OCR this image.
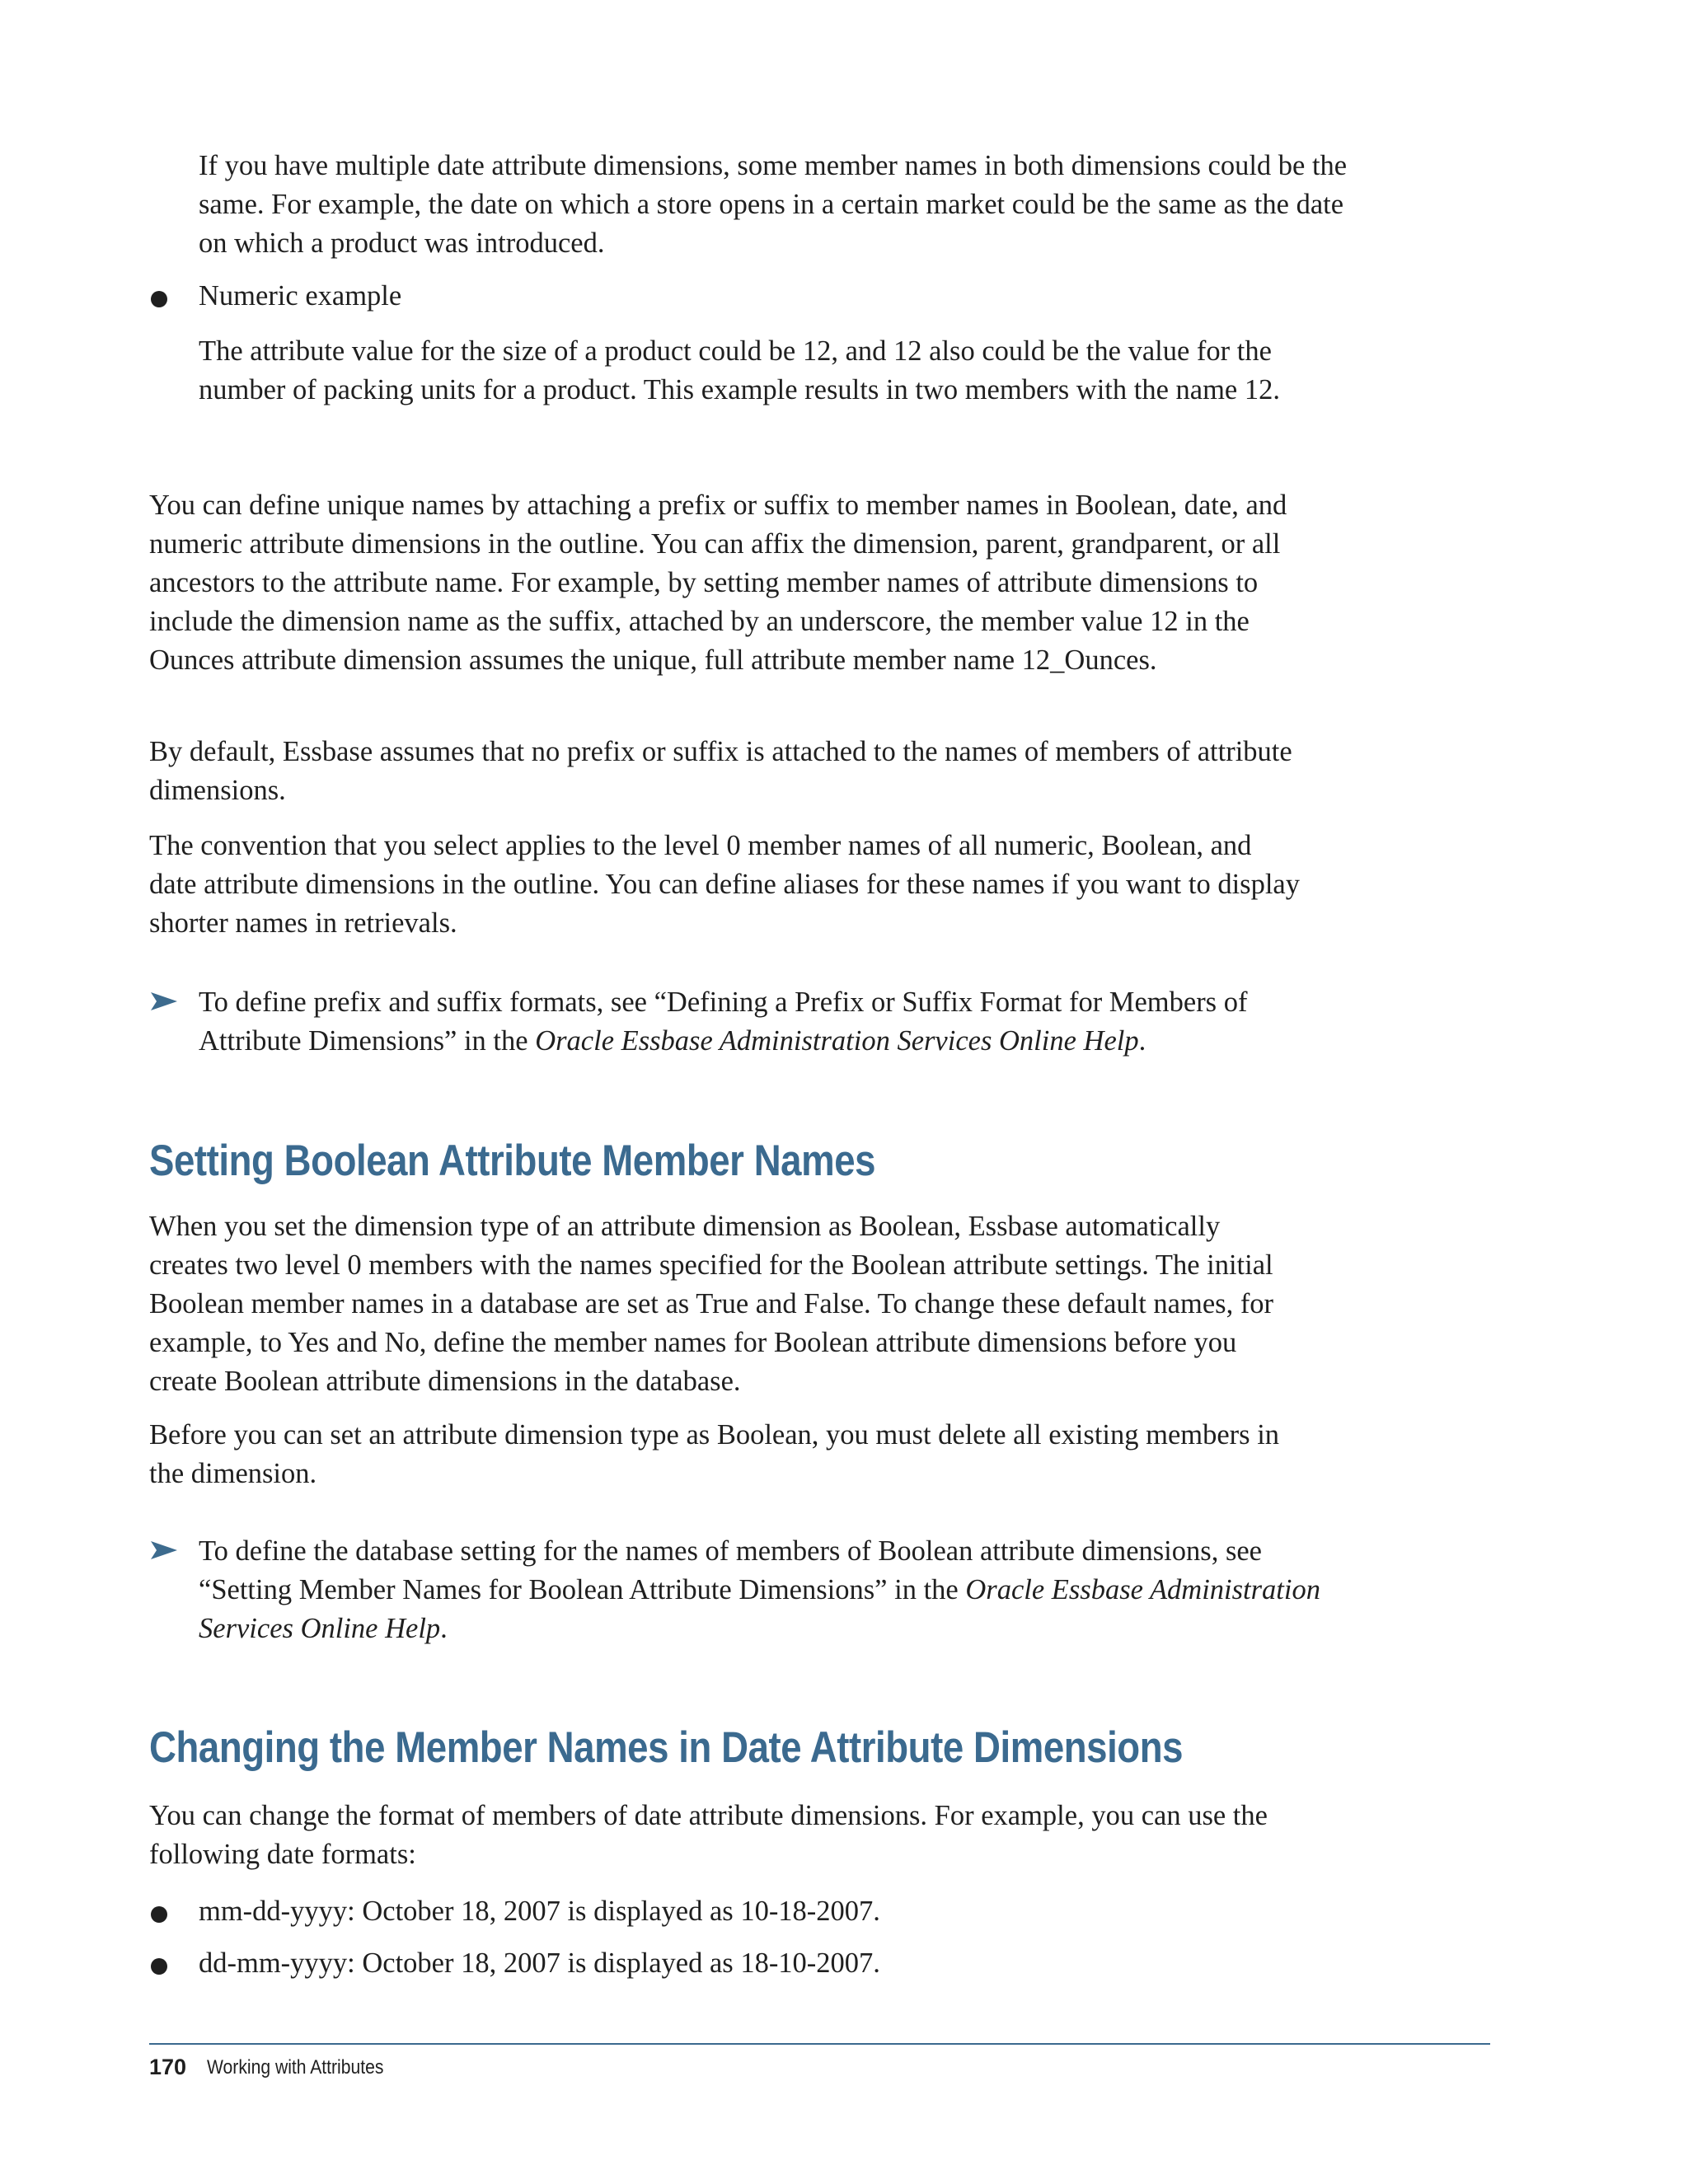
If you have multiple date attribute dimensions, some member names in both dimensions could be the same. For example, the date on which a store opens in a certain market could be the same as the date on which a product was introduced.

Numeric example

The attribute value for the size of a product could be 12, and 12 also could be the value for the number of packing units for a product. This example results in two members with the name 12.

You can define unique names by attaching a prefix or suffix to member names in Boolean, date, and numeric attribute dimensions in the outline. You can affix the dimension, parent, grandparent, or all ancestors to the attribute name. For example, by setting member names of attribute dimensions to include the dimension name as the suffix, attached by an underscore, the member value 12 in the Ounces attribute dimension assumes the unique, full attribute member name 12_Ounces.

By default, Essbase assumes that no prefix or suffix is attached to the names of members of attribute dimensions.

The convention that you select applies to the level 0 member names of all numeric, Boolean, and date attribute dimensions in the outline. You can define aliases for these names if you want to display shorter names in retrievals.

To define prefix and suffix formats, see “Defining a Prefix or Suffix Format for Members of Attribute Dimensions” in the Oracle Essbase Administration Services Online Help.

Setting Boolean Attribute Member Names

When you set the dimension type of an attribute dimension as Boolean, Essbase automatically creates two level 0 members with the names specified for the Boolean attribute settings. The initial Boolean member names in a database are set as True and False. To change these default names, for example, to Yes and No, define the member names for Boolean attribute dimensions before you create Boolean attribute dimensions in the database.

Before you can set an attribute dimension type as Boolean, you must delete all existing members in the dimension.

To define the database setting for the names of members of Boolean attribute dimensions, see “Setting Member Names for Boolean Attribute Dimensions” in the Oracle Essbase Administration Services Online Help.

Changing the Member Names in Date Attribute Dimensions

You can change the format of members of date attribute dimensions. For example, you can use the following date formats:

mm-dd-yyyy: October 18, 2007 is displayed as 10-18-2007.

dd-mm-yyyy: October 18, 2007 is displayed as 18-10-2007.

170 Working with Attributes
